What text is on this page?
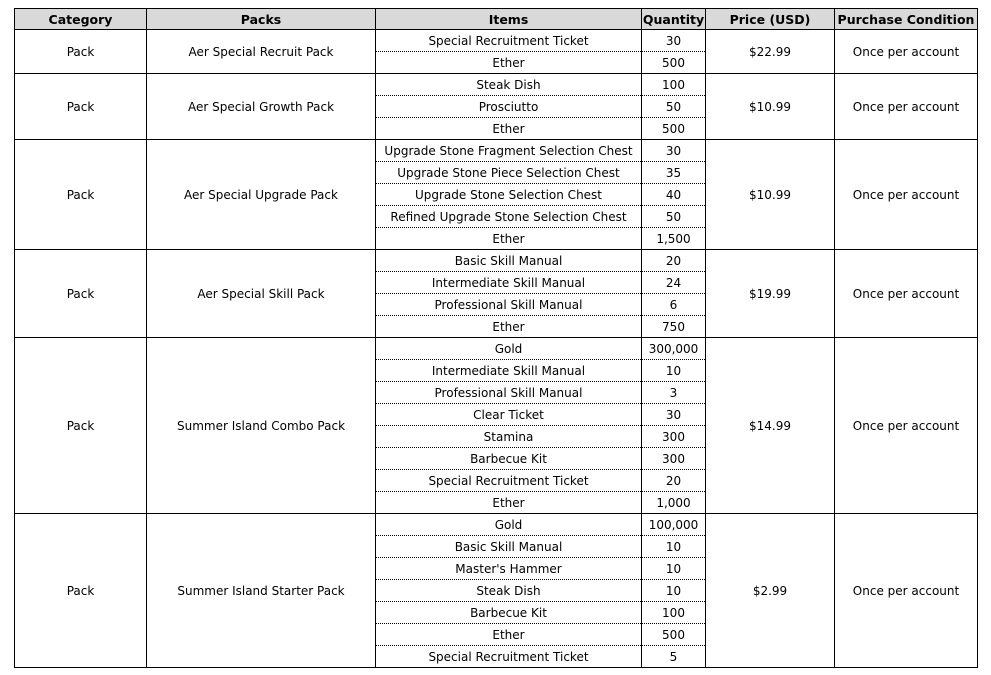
Category	Packs	Items	Quantity	Price (USD)	Purchase Condition
Pack	Aer Special Recruit Pack	Special Recruitment Ticket	30	$22.99	Once per account
		Ether	500		
Pack	Aer Special Growth Pack	Steak Dish	100	$10.99	Once per account
		Prosciutto	50		
		Ether	500		
Pack	Aer Special Upgrade Pack	Upgrade Stone Fragment Selection Chest	30	$10.99	Once per account
		Upgrade Stone Piece Selection Chest	35		
		Upgrade Stone Selection Chest	40		
		Refined Upgrade Stone Selection Chest	50		
		Ether	1,500		
Pack	Aer Special Skill Pack	Basic Skill Manual	20	$19.99	Once per account
		Intermediate Skill Manual	24		
		Professional Skill Manual	6		
		Ether	750		
Pack	Summer Island Combo Pack	Gold	300,000	$14.99	Once per account
		Intermediate Skill Manual	10		
		Professional Skill Manual	3		
		Clear Ticket	30		
		Stamina	300		
		Barbecue Kit	300		
		Special Recruitment Ticket	20		
		Ether	1,000		
Pack	Summer Island Starter Pack	Gold	100,000	$2.99	Once per account
		Basic Skill Manual	10		
		Master's Hammer	10		
		Steak Dish	10		
		Barbecue Kit	100		
		Ether	500		
		Special Recruitment Ticket	5		
